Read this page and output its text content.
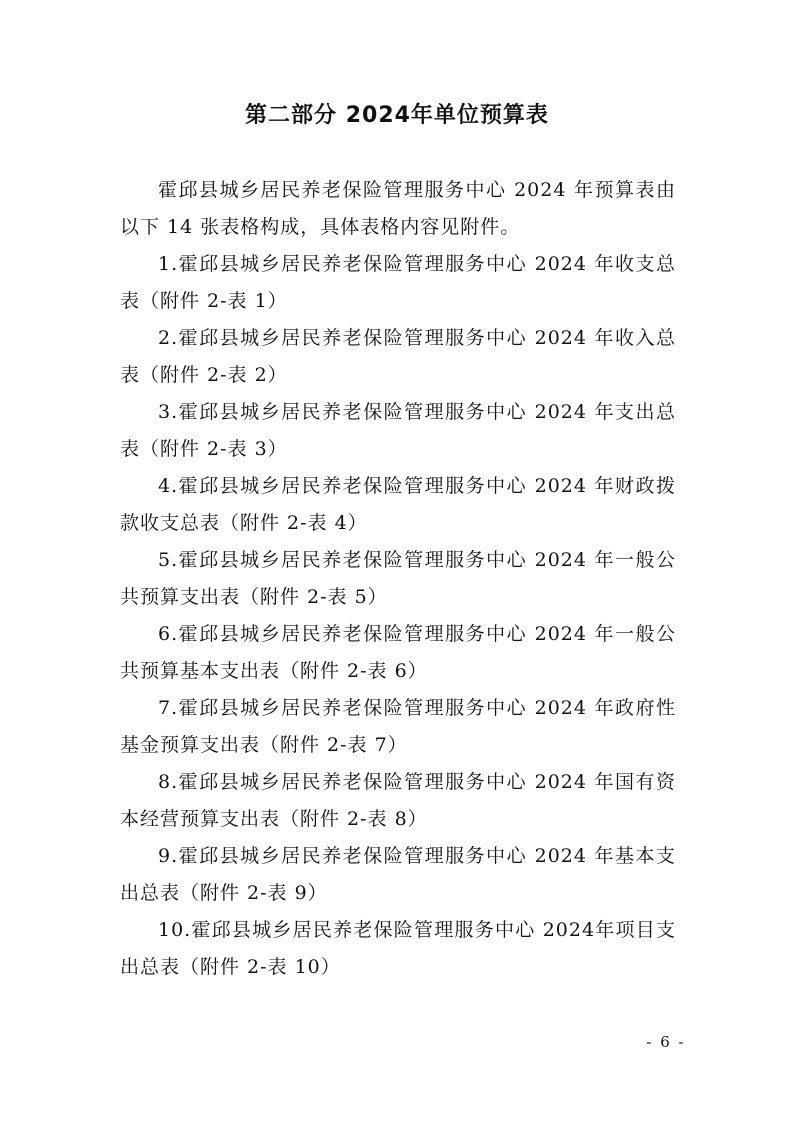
第二部分 2024年单位预算表

霍邱县城乡居民养老保险管理服务中心 2024 年预算表由以下 14 张表格构成，具体表格内容见附件。

1.霍邱县城乡居民养老保险管理服务中心 2024 年收支总表（附件 2-表 1）

2.霍邱县城乡居民养老保险管理服务中心 2024 年收入总表（附件 2-表 2）

3.霍邱县城乡居民养老保险管理服务中心 2024 年支出总表（附件 2-表 3）

4.霍邱县城乡居民养老保险管理服务中心 2024 年财政拨款收支总表（附件 2-表 4）

5.霍邱县城乡居民养老保险管理服务中心 2024 年一般公共预算支出表（附件 2-表 5）

6.霍邱县城乡居民养老保险管理服务中心 2024 年一般公共预算基本支出表（附件 2-表 6）

7.霍邱县城乡居民养老保险管理服务中心 2024 年政府性基金预算支出表（附件 2-表 7）

8.霍邱县城乡居民养老保险管理服务中心 2024 年国有资本经营预算支出表（附件 2-表 8）

9.霍邱县城乡居民养老保险管理服务中心 2024 年基本支出总表（附件 2-表 9）

10.霍邱县城乡居民养老保险管理服务中心 2024年项目支出总表（附件 2-表 10）

- 6 -
